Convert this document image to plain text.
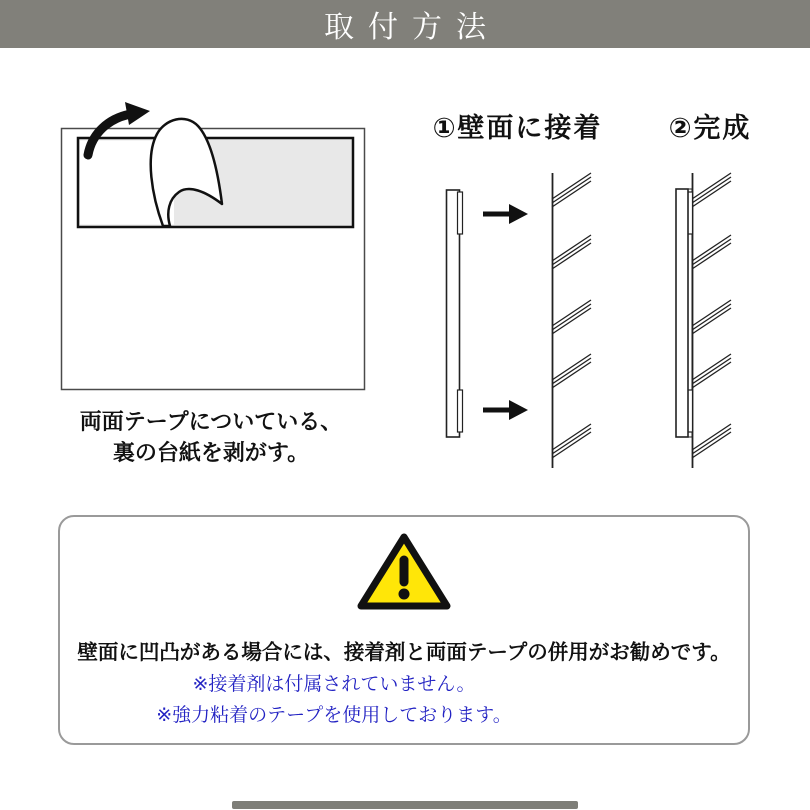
取付方法
両面テープについている、
裏の台紙を剥がす。
①壁面に接着	②完成
壁面に凹凸がある場合には、接着剤と両面テープの併用がお勧めです。
※接着剤は付属されていません。
※強力粘着のテープを使用しております。
